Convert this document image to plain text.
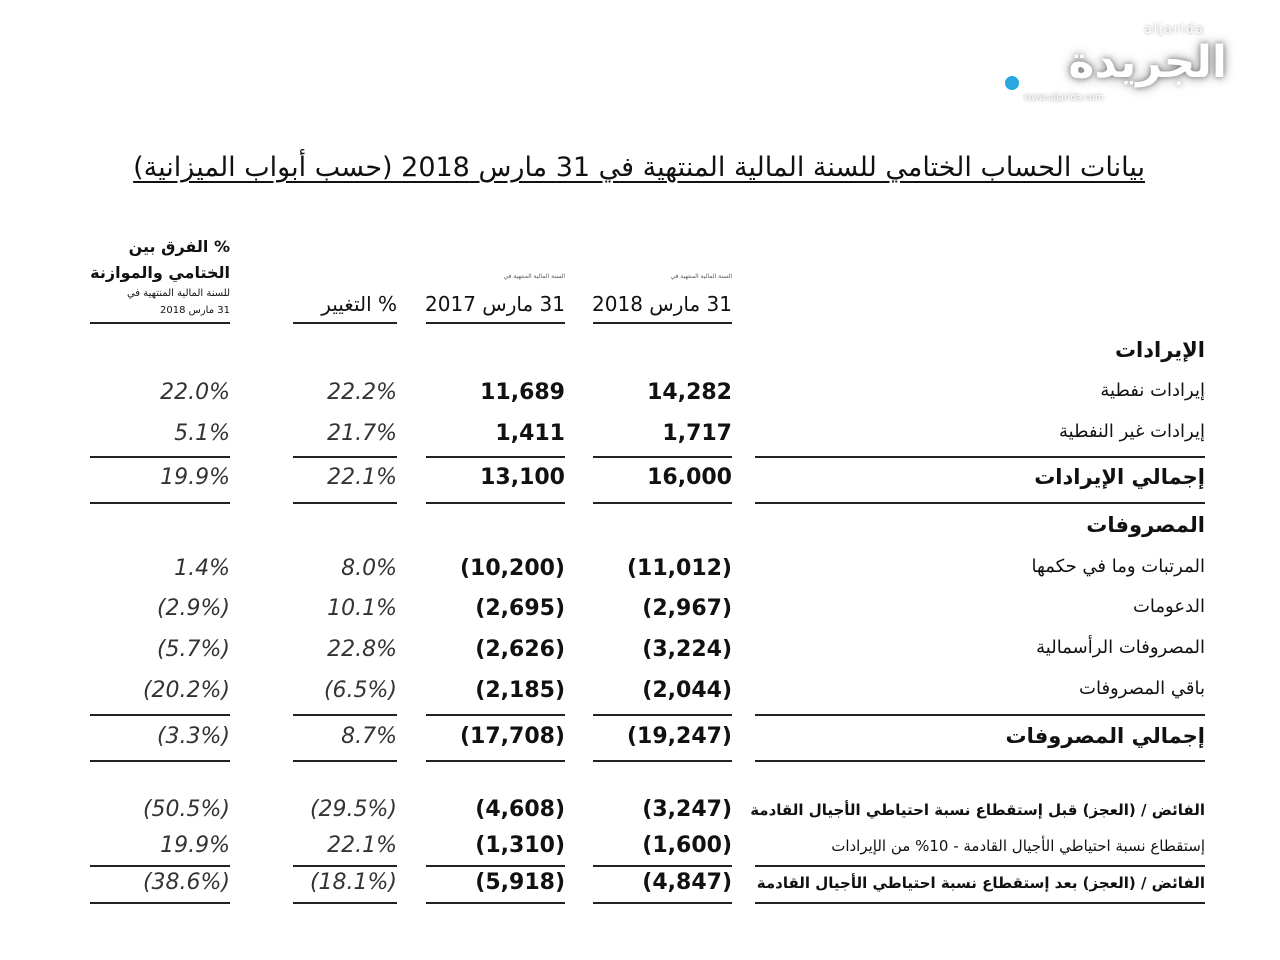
aljarida
الجريدة
www.aljarida.com
بيانات الحساب الختامي للسنة المالية المنتهية في 31 مارس 2018 (حسب أبواب الميزانية)
السنة المالية المنتهية في
31 مارس 2018
السنة المالية المنتهية في
31 مارس 2017
% التغيير
% الفرق بين
الختامي والموازنة
للسنة المالية المنتهية في
31 مارس 2018
الإيرادات
إيرادات نفطية
14,282
11,689
22.2%
22.0%
إيرادات غير النفطية
1,717
1,411
21.7%
5.1%
إجمالي الإيرادات
16,000
13,100
22.1%
19.9%
المصروفات
المرتبات وما في حكمها
(11,012)
(10,200)
8.0%
1.4%
الدعومات
(2,967)
(2,695)
10.1%
(2.9%)
المصروفات الرأسمالية
(3,224)
(2,626)
22.8%
(5.7%)
باقي المصروفات
(2,044)
(2,185)
(6.5%)
(20.2%)
إجمالي المصروفات
(19,247)
(17,708)
8.7%
(3.3%)
الفائض / (العجز) قبل إستقطاع نسبة احتياطي الأجيال القادمة
(3,247)
(4,608)
(29.5%)
(50.5%)
إستقطاع نسبة احتياطي الأجيال القادمة - 10% من الإيرادات
(1,600)
(1,310)
22.1%
19.9%
الفائض / (العجز) بعد إستقطاع نسبة احتياطي الأجيال القادمة
(4,847)
(5,918)
(18.1%)
(38.6%)
